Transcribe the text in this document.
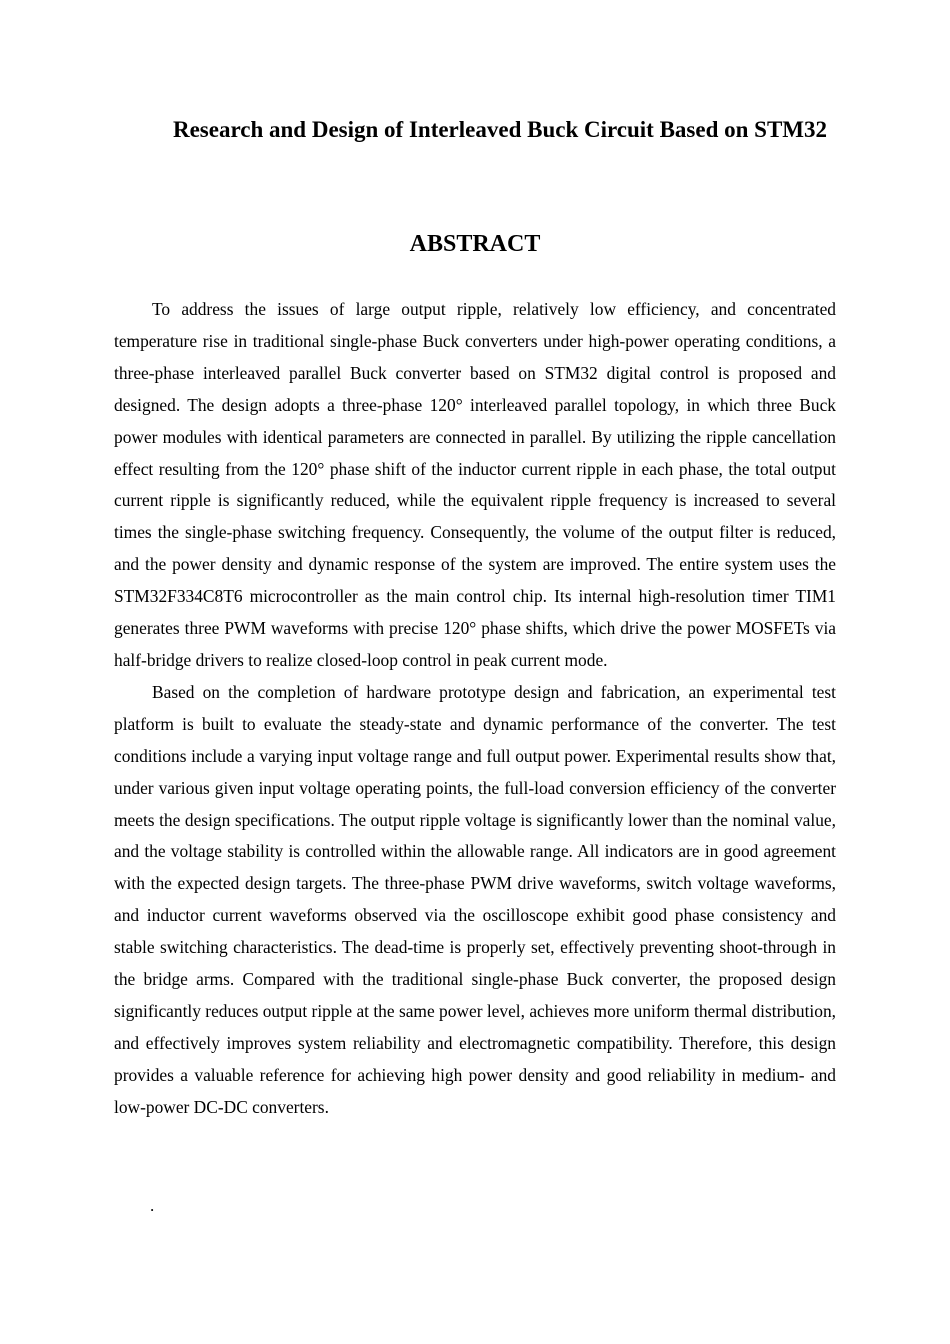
Research and Design of Interleaved Buck Circuit Based on STM32
ABSTRACT

To address the issues of large output ripple, relatively low efficiency, and concentrated temperature rise in traditional single-phase Buck converters under high-power operating conditions, a three-phase interleaved parallel Buck converter based on STM32 digital control is proposed and designed. The design adopts a three-phase 120° interleaved parallel topology, in which three Buck power modules with identical parameters are connected in parallel. By utilizing the ripple cancellation effect resulting from the 120° phase shift of the inductor current ripple in each phase, the total output current ripple is significantly reduced, while the equivalent ripple frequency is increased to several times the single-phase switching frequency. Consequently, the volume of the output filter is reduced, and the power density and dynamic response of the system are improved. The entire system uses the STM32F334C8T6 microcontroller as the main control chip. Its internal high-resolution timer TIM1 generates three PWM waveforms with precise 120° phase shifts, which drive the power MOSFETs via half-bridge drivers to realize closed-loop control in peak current mode.

Based on the completion of hardware prototype design and fabrication, an experimental test platform is built to evaluate the steady-state and dynamic performance of the converter. The test conditions include a varying input voltage range and full output power. Experimental results show that, under various given input voltage operating points, the full-load conversion efficiency of the converter meets the design specifications. The output ripple voltage is significantly lower than the nominal value, and the voltage stability is controlled within the allowable range. All indicators are in good agreement with the expected design targets. The three-phase PWM drive waveforms, switch voltage waveforms, and inductor current waveforms observed via the oscilloscope exhibit good phase consistency and stable switching characteristics. The dead-time is properly set, effectively preventing shoot-through in the bridge arms. Compared with the traditional single-phase Buck converter, the proposed design significantly reduces output ripple at the same power level, achieves more uniform thermal distribution, and effectively improves system reliability and electromagnetic compatibility. Therefore, this design provides a valuable reference for achieving high power density and good reliability in medium- and low-power DC-DC converters.

.
